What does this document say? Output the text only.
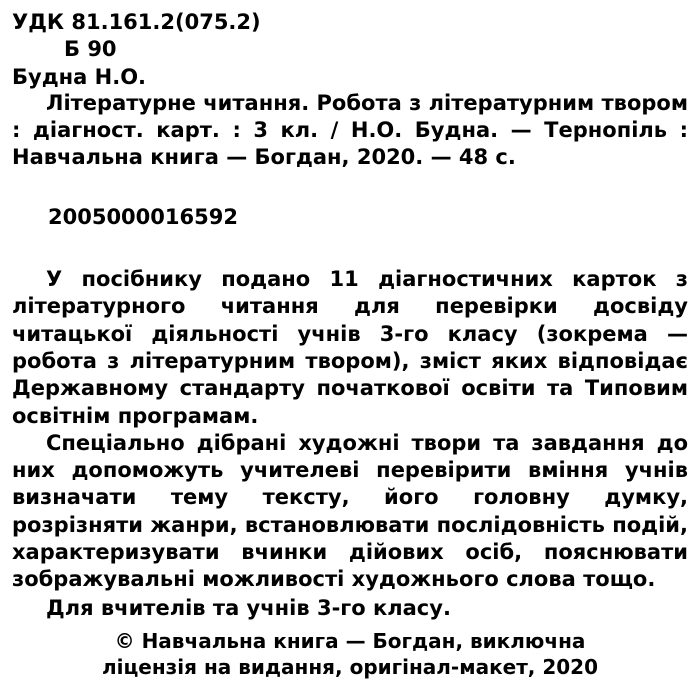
УДК 81.161.2(075.2)
Б 90
Будна Н.О.

Літературне читання. Робота з літературним твором : діагност. карт. : 3 кл. / Н.О. Будна. — Тернопіль : Навчальна книга — Богдан, 2020. — 48 с.

2005000016592

У посібнику подано 11 діагностичних карток з літературного читання для перевірки досвіду читацької діяльності учнів 3-го класу (зокрема — робота з літературним твором), зміст яких відповідає Державному стандарту початкової освіти та Типовим освітнім програмам.

Спеціально дібрані художні твори та завдання до них допоможуть учителеві перевірити вміння учнів визначати тему тексту, його головну думку, розрізняти жанри, встановлювати послідовність подій, характеризувати вчинки дійових осіб, пояснювати зображувальні можливості художнього слова тощо.

Для вчителів та учнів 3-го класу.

© Навчальна книга — Богдан, виключна
ліцензія на видання, оригінал-макет, 2020
